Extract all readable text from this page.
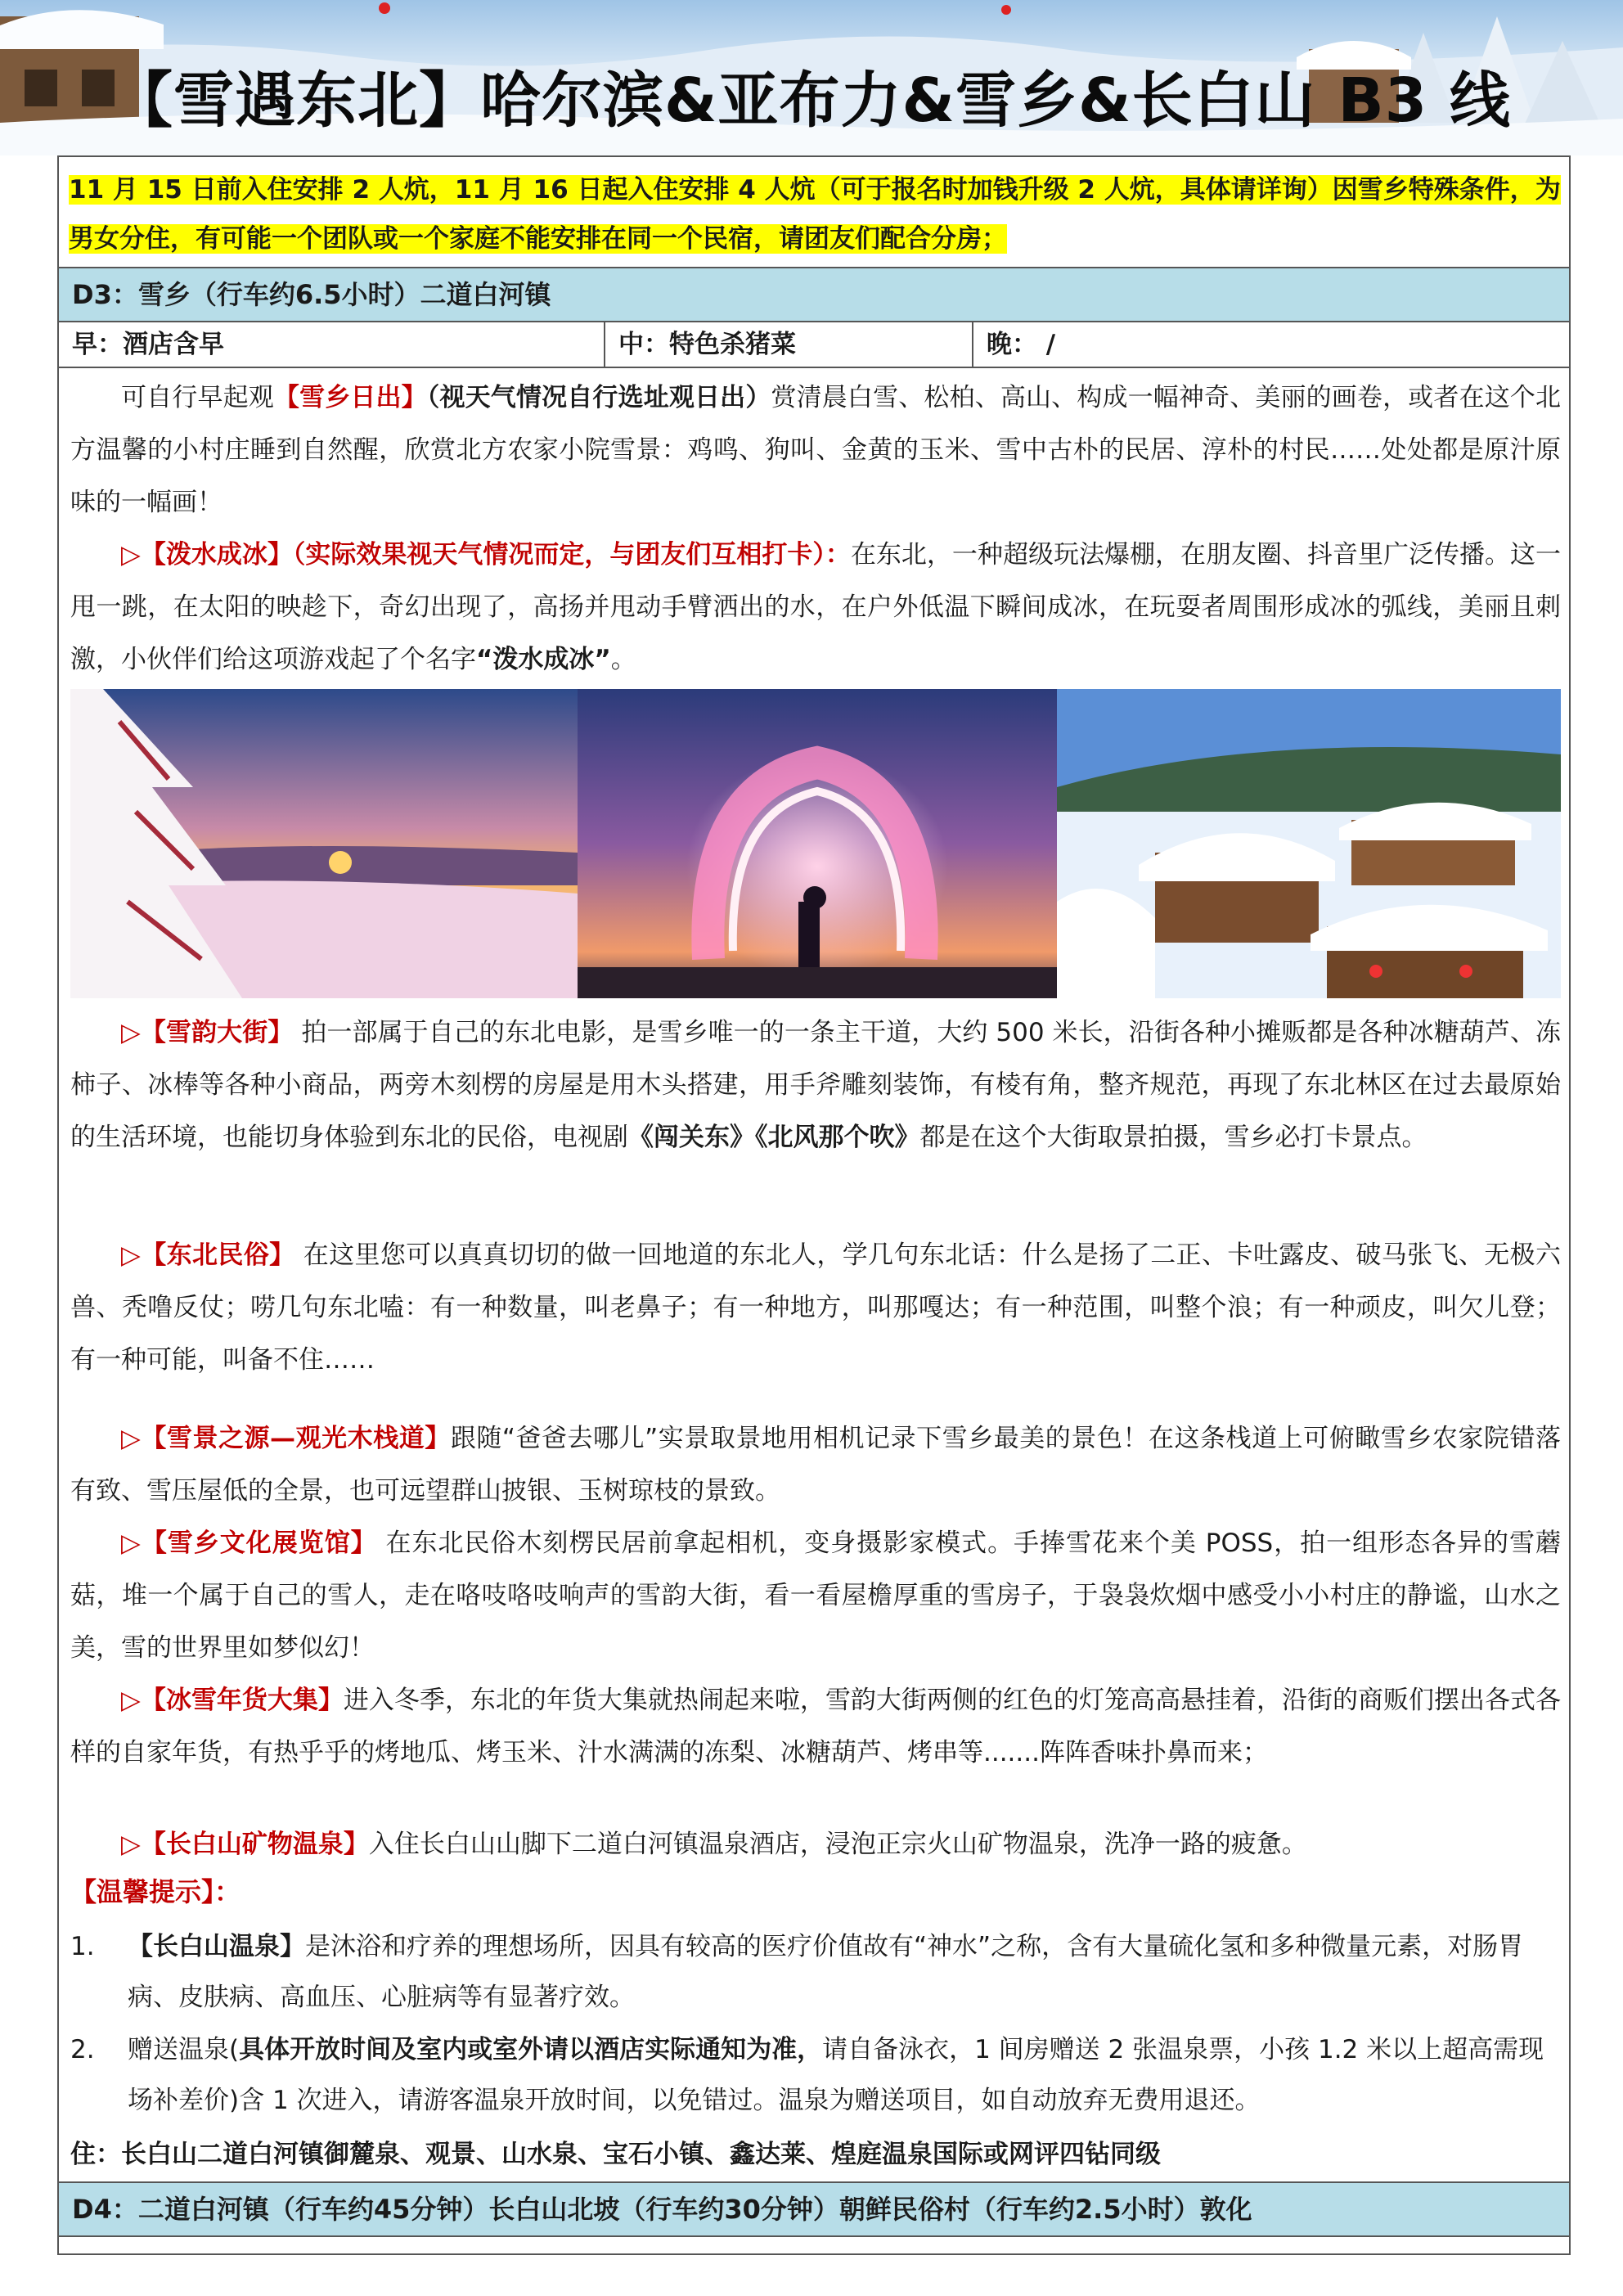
【雪遇东北】哈尔滨&亚布力&雪乡&长白山 B3 线
11 月 15 日前入住安排 2 人炕，11 月 16 日起入住安排 4 人炕（可于报名时加钱升级 2 人炕，具体请详询）因雪乡特殊条件，为男女分住，有可能一个团队或一个家庭不能安排在同一个民宿，请团友们配合分房；
D3：雪乡（行车约6.5小时）二道白河镇
早：酒店含早	中：特色杀猪菜	晚： /

可自行早起观【雪乡日出】（视天气情况自行选址观日出）赏清晨白雪、松柏、高山、构成一幅神奇、美丽的画卷，或者在这个北方温馨的小村庄睡到自然醒，欣赏北方农家小院雪景：鸡鸣、狗叫、金黄的玉米、雪中古朴的民居、淳朴的村民……处处都是原汁原味的一幅画！

▷【泼水成冰】（实际效果视天气情况而定，与团友们互相打卡）：在东北，一种超级玩法爆棚，在朋友圈、抖音里广泛传播。这一甩一跳，在太阳的映趁下，奇幻出现了，高扬并甩动手臂洒出的水，在户外低温下瞬间成冰，在玩耍者周围形成冰的弧线，美丽且刺激，小伙伴们给这项游戏起了个名字“泼水成冰”。

▷【雪韵大街】 拍一部属于自己的东北电影，是雪乡唯一的一条主干道，大约 500 米长，沿街各种小摊贩都是各种冰糖葫芦、冻柿子、冰棒等各种小商品，两旁木刻楞的房屋是用木头搭建，用手斧雕刻装饰，有棱有角，整齐规范，再现了东北林区在过去最原始的生活环境，也能切身体验到东北的民俗，电视剧《闯关东》《北风那个吹》都是在这个大街取景拍摄，雪乡必打卡景点。

▷【东北民俗】 在这里您可以真真切切的做一回地道的东北人，学几句东北话：什么是扬了二正、卡吐露皮、破马张飞、无极六兽、秃噜反仗；唠几句东北嗑：有一种数量，叫老鼻子；有一种地方，叫那嘎达；有一种范围，叫整个浪；有一种顽皮，叫欠儿登；有一种可能，叫备不住……

▷【雪景之源—观光木栈道】跟随“爸爸去哪儿”实景取景地用相机记录下雪乡最美的景色！在这条栈道上可俯瞰雪乡农家院错落有致、雪压屋低的全景，也可远望群山披银、玉树琼枝的景致。

▷【雪乡文化展览馆】 在东北民俗木刻楞民居前拿起相机，变身摄影家模式。手捧雪花来个美 POSS，拍一组形态各异的雪蘑菇，堆一个属于自己的雪人，走在咯吱咯吱响声的雪韵大街，看一看屋檐厚重的雪房子，于袅袅炊烟中感受小小村庄的静谧，山水之美，雪的世界里如梦似幻！

▷【冰雪年货大集】进入冬季，东北的年货大集就热闹起来啦，雪韵大街两侧的红色的灯笼高高悬挂着，沿街的商贩们摆出各式各样的自家年货，有热乎乎的烤地瓜、烤玉米、汁水满满的冻梨、冰糖葫芦、烤串等.......阵阵香味扑鼻而来；

▷【长白山矿物温泉】入住长白山山脚下二道白河镇温泉酒店，浸泡正宗火山矿物温泉，洗净一路的疲惫。

【温馨提示】：
1. 【长白山温泉】是沐浴和疗养的理想场所，因具有较高的医疗价值故有“神水”之称，含有大量硫化氢和多种微量元素，对肠胃病、皮肤病、高血压、心脏病等有显著疗效。
2. 赠送温泉(具体开放时间及室内或室外请以酒店实际通知为准，请自备泳衣，1 间房赠送 2 张温泉票，小孩 1.2 米以上超高需现场补差价)含 1 次进入，请游客温泉开放时间，以免错过。温泉为赠送项目，如自动放弃无费用退还。
住：长白山二道白河镇御麓泉、观景、山水泉、宝石小镇、鑫达莱、煌庭温泉国际或网评四钻同级
D4：二道白河镇（行车约45分钟）长白山北坡（行车约30分钟）朝鲜民俗村（行车约2.5小时）敦化
